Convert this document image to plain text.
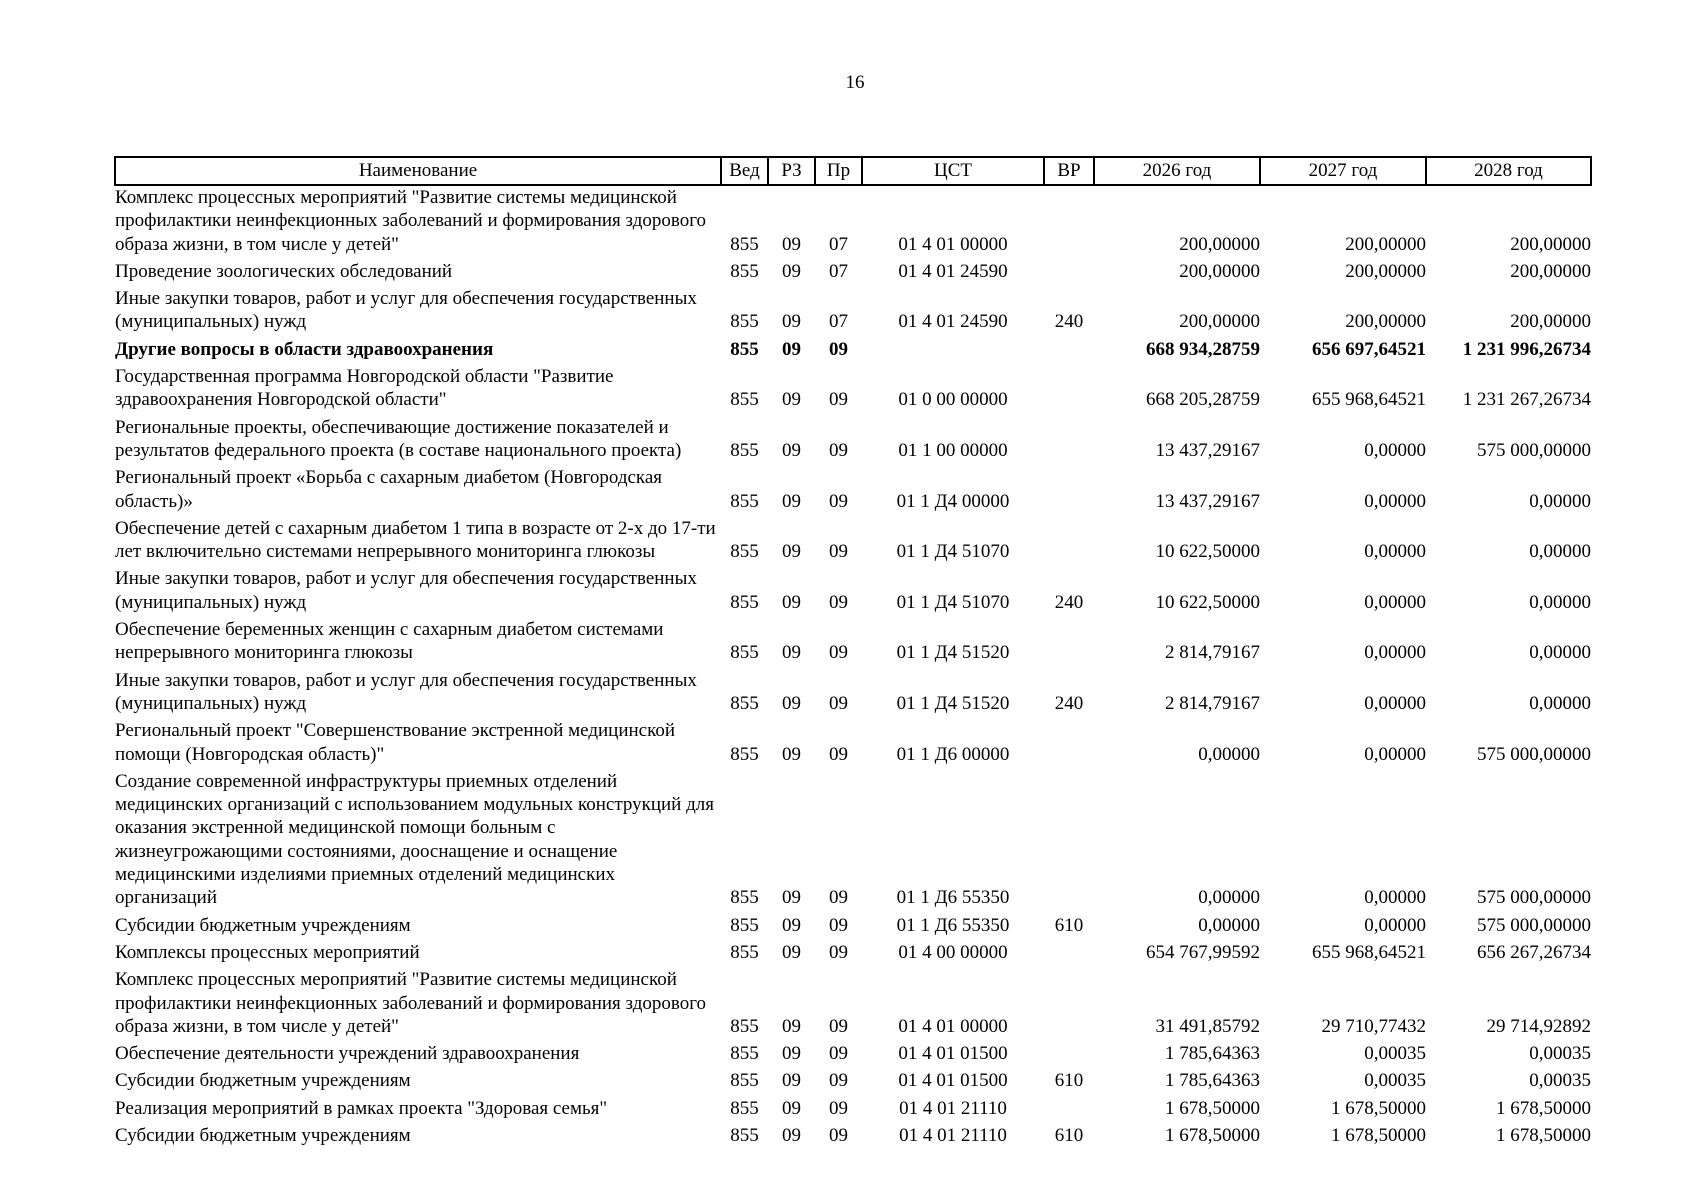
16
Наименование	Вед	РЗ	Пр	ЦСТ	ВР	2026 год	2027 год	2028 год
Комплекс процессных мероприятий "Развитие системы медицинской профилактики неинфекционных заболеваний и формирования здорового образа жизни, в том числе у детей"	855	09	07	01 4 01 00000		200,00000	200,00000	200,00000
Проведение зоологических обследований	855	09	07	01 4 01 24590		200,00000	200,00000	200,00000
Иные закупки товаров, работ и услуг для обеспечения государственных (муниципальных) нужд	855	09	07	01 4 01 24590	240	200,00000	200,00000	200,00000
Другие вопросы в области здравоохранения	855	09	09			668 934,28759	656 697,64521	1 231 996,26734
Государственная программа Новгородской области "Развитие здравоохранения Новгородской области"	855	09	09	01 0 00 00000		668 205,28759	655 968,64521	1 231 267,26734
Региональные проекты, обеспечивающие достижение показателей и результатов федерального проекта (в составе национального проекта)	855	09	09	01 1 00 00000		13 437,29167	0,00000	575 000,00000
Региональный проект «Борьба с сахарным диабетом (Новгородская область)»	855	09	09	01 1 Д4 00000		13 437,29167	0,00000	0,00000
Обеспечение детей с сахарным диабетом 1 типа в возрасте от 2-х до 17-ти лет включительно системами непрерывного мониторинга глюкозы	855	09	09	01 1 Д4 51070		10 622,50000	0,00000	0,00000
Иные закупки товаров, работ и услуг для обеспечения государственных (муниципальных) нужд	855	09	09	01 1 Д4 51070	240	10 622,50000	0,00000	0,00000
Обеспечение беременных женщин с сахарным диабетом системами непрерывного мониторинга глюкозы	855	09	09	01 1 Д4 51520		2 814,79167	0,00000	0,00000
Иные закупки товаров, работ и услуг для обеспечения государственных (муниципальных) нужд	855	09	09	01 1 Д4 51520	240	2 814,79167	0,00000	0,00000
Региональный проект "Совершенствование экстренной медицинской помощи (Новгородская область)"	855	09	09	01 1 Д6 00000		0,00000	0,00000	575 000,00000
Создание современной инфраструктуры приемных отделений медицинских организаций с использованием модульных конструкций для оказания экстренной медицинской помощи больным с жизнеугрожающими состояниями, дооснащение и оснащение медицинскими изделиями приемных отделений медицинских организаций	855	09	09	01 1 Д6 55350		0,00000	0,00000	575 000,00000
Субсидии бюджетным учреждениям	855	09	09	01 1 Д6 55350	610	0,00000	0,00000	575 000,00000
Комплексы процессных мероприятий	855	09	09	01 4 00 00000		654 767,99592	655 968,64521	656 267,26734
Комплекс процессных мероприятий "Развитие системы медицинской профилактики неинфекционных заболеваний и формирования здорового образа жизни, в том числе у детей"	855	09	09	01 4 01 00000		31 491,85792	29 710,77432	29 714,92892
Обеспечение деятельности учреждений здравоохранения	855	09	09	01 4 01 01500		1 785,64363	0,00035	0,00035
Субсидии бюджетным учреждениям	855	09	09	01 4 01 01500	610	1 785,64363	0,00035	0,00035
Реализация мероприятий в рамках проекта "Здоровая семья"	855	09	09	01 4 01 21110		1 678,50000	1 678,50000	1 678,50000
Субсидии бюджетным учреждениям	855	09	09	01 4 01 21110	610	1 678,50000	1 678,50000	1 678,50000
